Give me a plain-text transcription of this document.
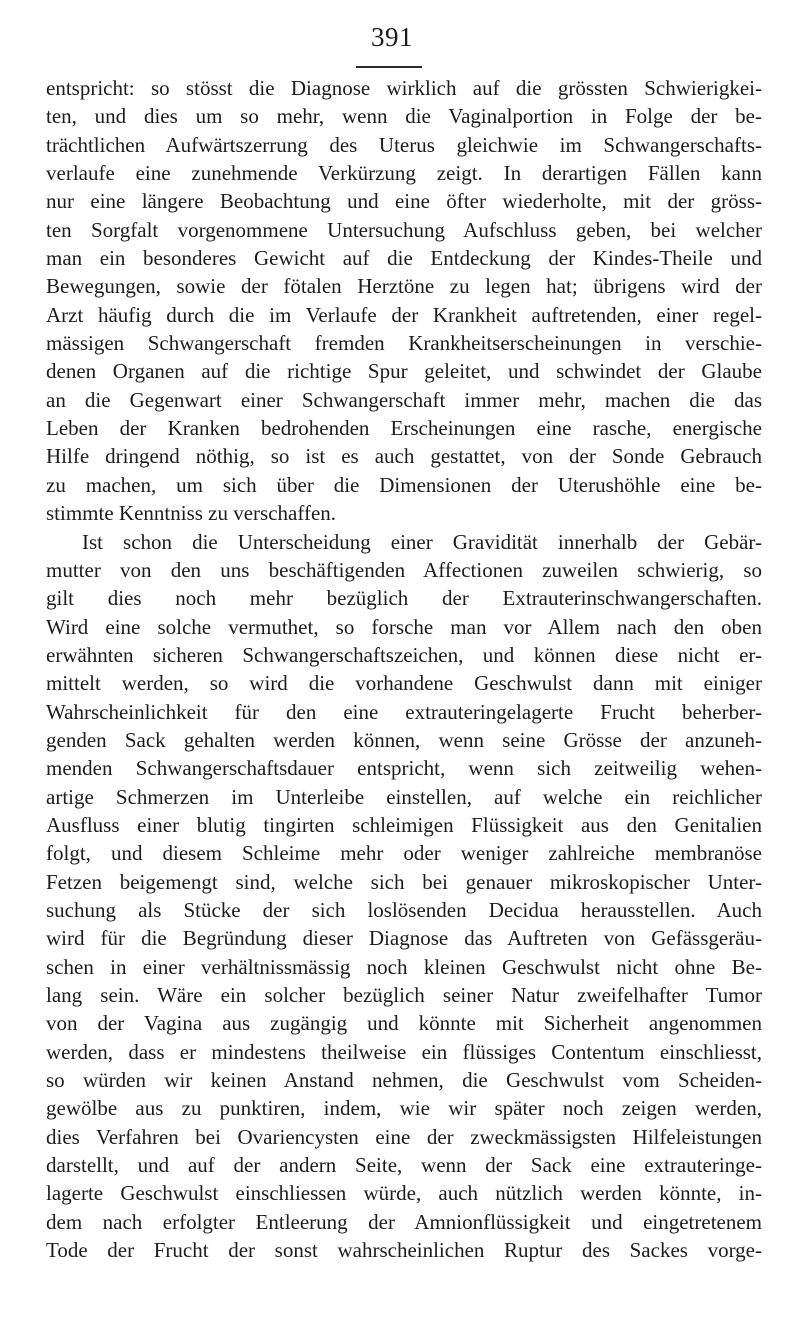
391
entspricht: so stösst die Diagnose wirklich auf die grössten Schwierigkei-
ten, und dies um so mehr, wenn die Vaginalportion in Folge der be-
trächtlichen Aufwärtszerrung des Uterus gleichwie im Schwangerschafts-
verlaufe eine zunehmende Verkürzung zeigt. In derartigen Fällen kann
nur eine längere Beobachtung und eine öfter wiederholte, mit der gröss-
ten Sorgfalt vorgenommene Untersuchung Aufschluss geben, bei welcher
man ein besonderes Gewicht auf die Entdeckung der Kindes-Theile und
Bewegungen, sowie der fötalen Herztöne zu legen hat; übrigens wird der
Arzt häufig durch die im Verlaufe der Krankheit auftretenden, einer regel-
mässigen Schwangerschaft fremden Krankheitserscheinungen in verschie-
denen Organen auf die richtige Spur geleitet, und schwindet der Glaube
an die Gegenwart einer Schwangerschaft immer mehr, machen die das
Leben der Kranken bedrohenden Erscheinungen eine rasche, energische
Hilfe dringend nöthig, so ist es auch gestattet, von der Sonde Gebrauch
zu machen, um sich über die Dimensionen der Uterushöhle eine be-
stimmte Kenntniss zu verschaffen.
Ist schon die Unterscheidung einer Gravidität innerhalb der Gebär-
mutter von den uns beschäftigenden Affectionen zuweilen schwierig, so
gilt dies noch mehr bezüglich der Extrauterinschwangerschaften.
Wird eine solche vermuthet, so forsche man vor Allem nach den oben
erwähnten sicheren Schwangerschaftszeichen, und können diese nicht er-
mittelt werden, so wird die vorhandene Geschwulst dann mit einiger
Wahrscheinlichkeit für den eine extrauteringelagerte Frucht beherber-
genden Sack gehalten werden können, wenn seine Grösse der anzuneh-
menden Schwangerschaftsdauer entspricht, wenn sich zeitweilig wehen-
artige Schmerzen im Unterleibe einstellen, auf welche ein reichlicher
Ausfluss einer blutig tingirten schleimigen Flüssigkeit aus den Genitalien
folgt, und diesem Schleime mehr oder weniger zahlreiche membranöse
Fetzen beigemengt sind, welche sich bei genauer mikroskopischer Unter-
suchung als Stücke der sich loslösenden Decidua herausstellen. Auch
wird für die Begründung dieser Diagnose das Auftreten von Gefässgeräu-
schen in einer verhältnissmässig noch kleinen Geschwulst nicht ohne Be-
lang sein. Wäre ein solcher bezüglich seiner Natur zweifelhafter Tumor
von der Vagina aus zugängig und könnte mit Sicherheit angenommen
werden, dass er mindestens theilweise ein flüssiges Contentum einschliesst,
so würden wir keinen Anstand nehmen, die Geschwulst vom Scheiden-
gewölbe aus zu punktiren, indem, wie wir später noch zeigen werden,
dies Verfahren bei Ovariencysten eine der zweckmässigsten Hilfeleistungen
darstellt, und auf der andern Seite, wenn der Sack eine extrauteringe-
lagerte Geschwulst einschliessen würde, auch nützlich werden könnte, in-
dem nach erfolgter Entleerung der Amnionflüssigkeit und eingetretenem
Tode der Frucht der sonst wahrscheinlichen Ruptur des Sackes vorge-
